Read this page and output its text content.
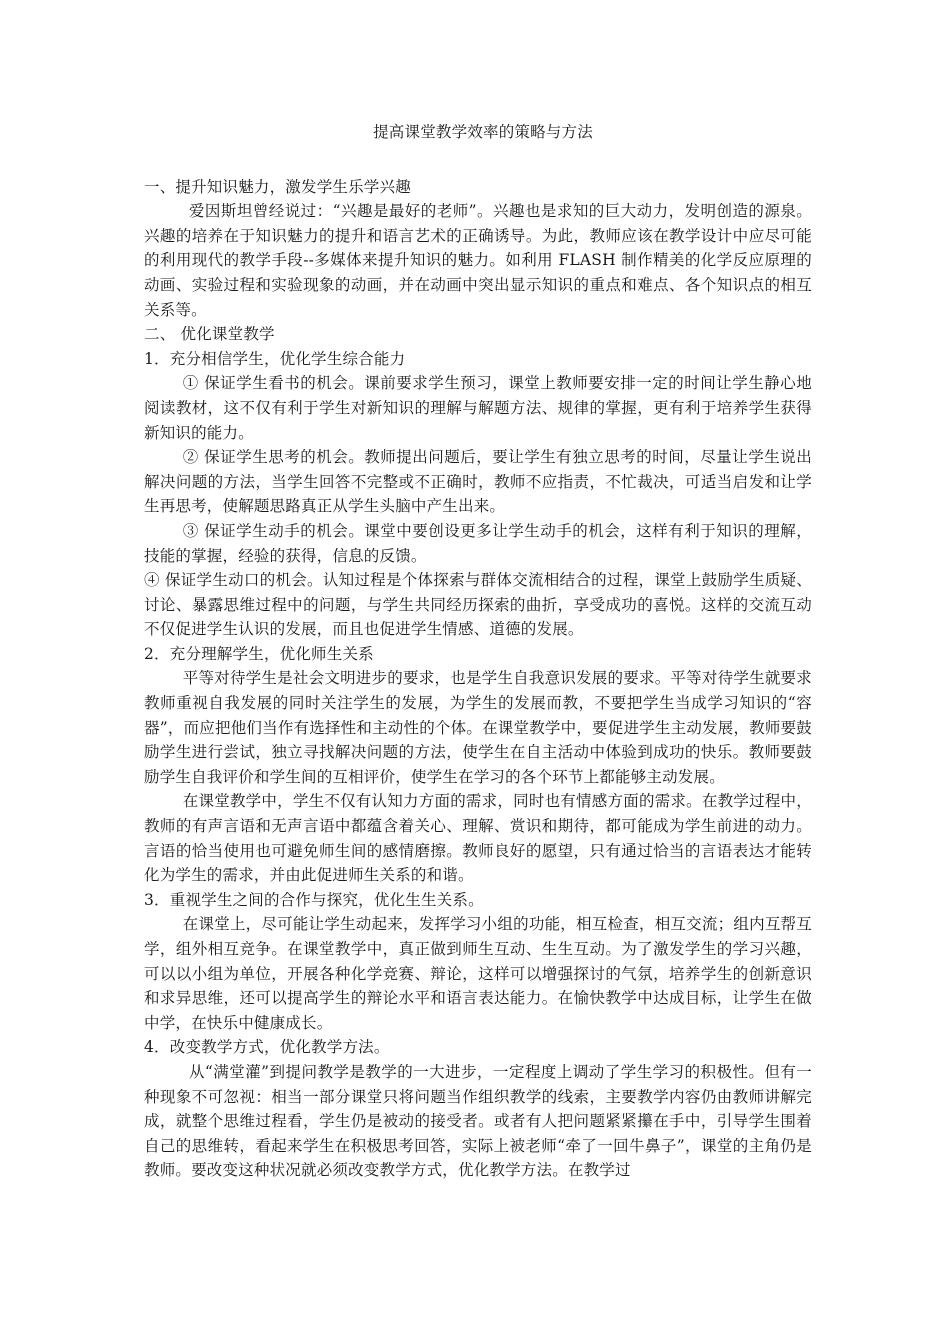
提高课堂教学效率的策略与方法

一、提升知识魅力，激发学生乐学兴趣

爱因斯坦曾经说过：“兴趣是最好的老师”。兴趣也是求知的巨大动力，发明创造的源泉。兴趣的培养在于知识魅力的提升和语言艺术的正确诱导。为此，教师应该在教学设计中应尽可能的利用现代的教学手段--多媒体来提升知识的魅力。如利用 FLASH 制作精美的化学反应原理的动画、实验过程和实验现象的动画，并在动画中突出显示知识的重点和难点、各个知识点的相互关系等。

二、 优化课堂教学

1．充分相信学生，优化学生综合能力

① 保证学生看书的机会。课前要求学生预习，课堂上教师要安排一定的时间让学生静心地阅读教材，这不仅有利于学生对新知识的理解与解题方法、规律的掌握，更有利于培养学生获得新知识的能力。

② 保证学生思考的机会。教师提出问题后，要让学生有独立思考的时间，尽量让学生说出解决问题的方法，当学生回答不完整或不正确时，教师不应指责，不忙裁决，可适当启发和让学生再思考，使解题思路真正从学生头脑中产生出来。

③ 保证学生动手的机会。课堂中要创设更多让学生动手的机会，这样有利于知识的理解，技能的掌握，经验的获得，信息的反馈。

④ 保证学生动口的机会。认知过程是个体探索与群体交流相结合的过程，课堂上鼓励学生质疑、讨论、暴露思维过程中的问题，与学生共同经历探索的曲折，享受成功的喜悦。这样的交流互动不仅促进学生认识的发展，而且也促进学生情感、道德的发展。

2．充分理解学生，优化师生关系

平等对待学生是社会文明进步的要求，也是学生自我意识发展的要求。平等对待学生就要求教师重视自我发展的同时关注学生的发展，为学生的发展而教，不要把学生当成学习知识的“容器”，而应把他们当作有选择性和主动性的个体。在课堂教学中，要促进学生主动发展，教师要鼓励学生进行尝试，独立寻找解决问题的方法，使学生在自主活动中体验到成功的快乐。教师要鼓励学生自我评价和学生间的互相评价，使学生在学习的各个环节上都能够主动发展。

在课堂教学中，学生不仅有认知力方面的需求，同时也有情感方面的需求。在教学过程中，教师的有声言语和无声言语中都蕴含着关心、理解、赏识和期待，都可能成为学生前进的动力。言语的恰当使用也可避免师生间的感情磨擦。教师良好的愿望，只有通过恰当的言语表达才能转化为学生的需求，并由此促进师生关系的和谐。

3．重视学生之间的合作与探究，优化生生关系。

在课堂上，尽可能让学生动起来，发挥学习小组的功能，相互检查，相互交流；组内互帮互学，组外相互竞争。在课堂教学中，真正做到师生互动、生生互动。为了激发学生的学习兴趣，可以以小组为单位，开展各种化学竞赛、辩论，这样可以增强探讨的气氛，培养学生的创新意识和求异思维，还可以提高学生的辩论水平和语言表达能力。在愉快教学中达成目标，让学生在做中学，在快乐中健康成长。

4．改变教学方式，优化教学方法。

从“满堂灌”到提问教学是教学的一大进步，一定程度上调动了学生学习的积极性。但有一种现象不可忽视：相当一部分课堂只将问题当作组织教学的线索，主要教学内容仍由教师讲解完成，就整个思维过程看，学生仍是被动的接受者。或者有人把问题紧紧攥在手中，引导学生围着自己的思维转，看起来学生在积极思考回答，实际上被老师“牵了一回牛鼻子”，课堂的主角仍是教师。要改变这种状况就必须改变教学方式，优化教学方法。在教学过
